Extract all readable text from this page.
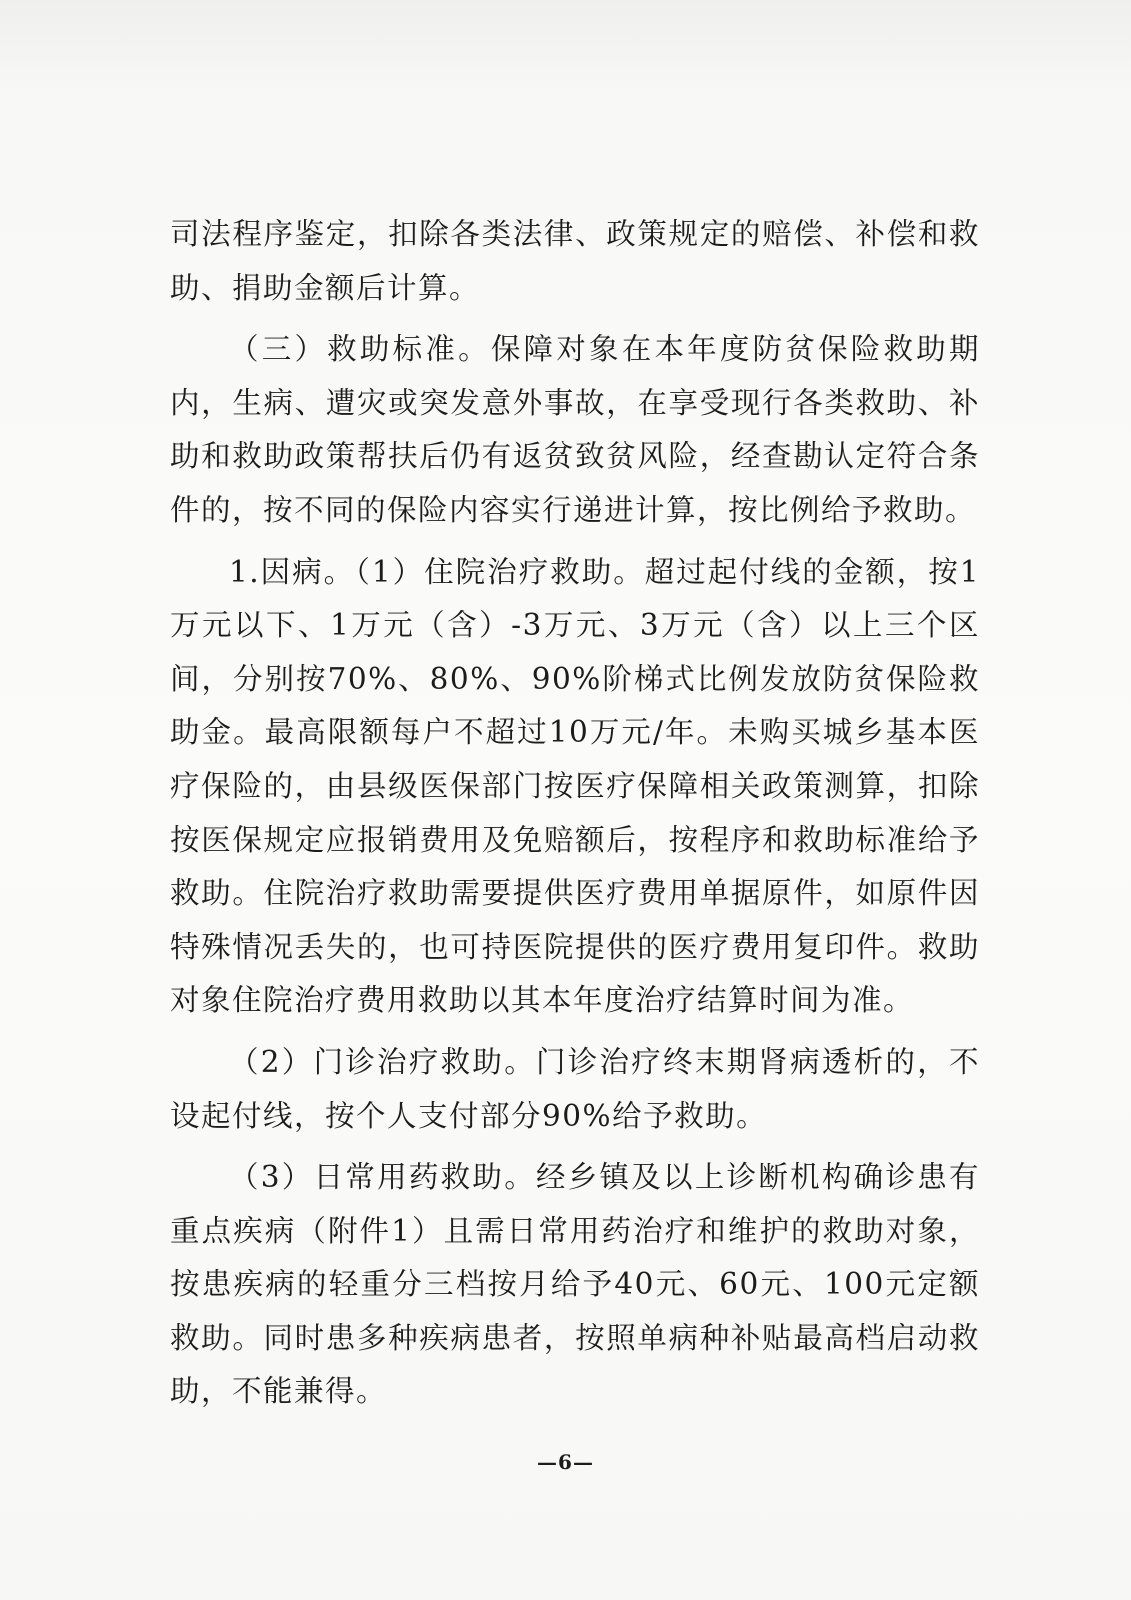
司法程序鉴定，扣除各类法律、政策规定的赔偿、补偿和救助、捐助金额后计算。

（三）救助标准。保障对象在本年度防贫保险救助期内，生病、遭灾或突发意外事故，在享受现行各类救助、补助和救助政策帮扶后仍有返贫致贫风险，经查勘认定符合条件的，按不同的保险内容实行递进计算，按比例给予救助。

1.因病。（1）住院治疗救助。超过起付线的金额，按1万元以下、1万元（含）-3万元、3万元（含）以上三个区间，分别按70%、80%、90%阶梯式比例发放防贫保险救助金。最高限额每户不超过10万元/年。未购买城乡基本医疗保险的，由县级医保部门按医疗保障相关政策测算，扣除按医保规定应报销费用及免赔额后，按程序和救助标准给予救助。住院治疗救助需要提供医疗费用单据原件，如原件因特殊情况丢失的，也可持医院提供的医疗费用复印件。救助对象住院治疗费用救助以其本年度治疗结算时间为准。

（2）门诊治疗救助。门诊治疗终末期肾病透析的，不设起付线，按个人支付部分90%给予救助。

（3）日常用药救助。经乡镇及以上诊断机构确诊患有重点疾病（附件1）且需日常用药治疗和维护的救助对象，按患疾病的轻重分三档按月给予40元、60元、100元定额救助。同时患多种疾病患者，按照单病种补贴最高档启动救助，不能兼得。

—6—
